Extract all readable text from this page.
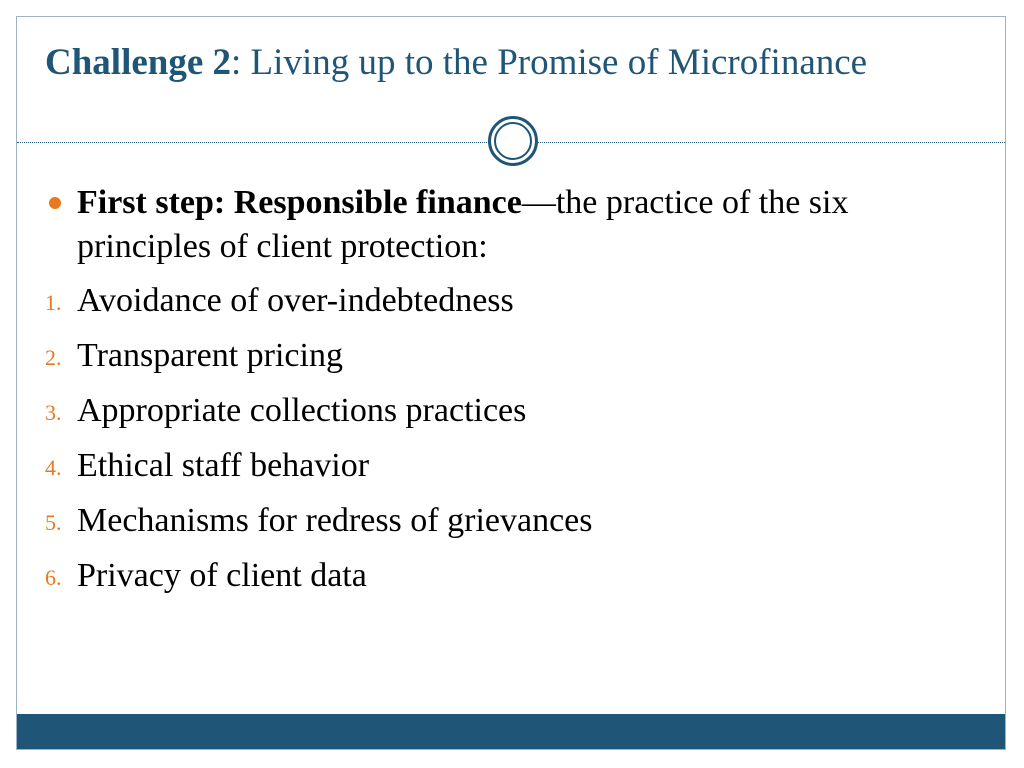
Challenge 2: Living up to the Promise of Microfinance
First step: Responsible finance—the practice of the six principles of client protection:
1. Avoidance of over-indebtedness
2. Transparent pricing
3. Appropriate collections practices
4. Ethical staff behavior
5. Mechanisms for redress of grievances
6. Privacy of client data
